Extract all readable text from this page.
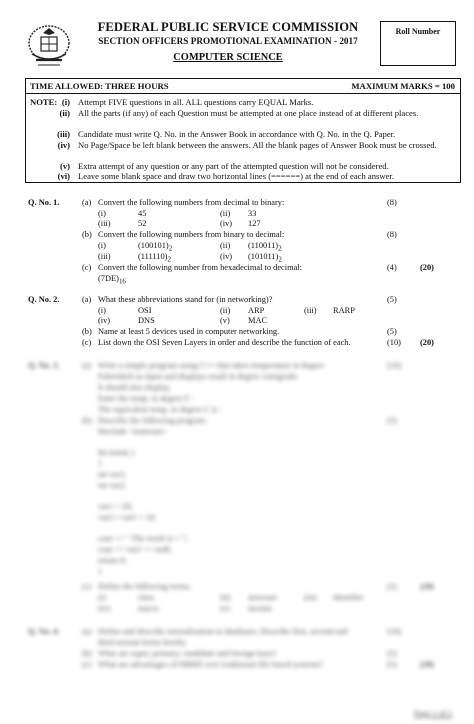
FEDERAL PUBLIC SERVICE COMMISSION
SECTION OFFICERS PROMOTIONAL EXAMINATION - 2017
COMPUTER SCIENCE
Roll Number
TIME ALLOWED: THREE HOURS	MAXIMUM MARKS = 100
NOTE: (i) Attempt FIVE questions in all. ALL questions carry EQUAL Marks.
(ii) All the parts (if any) of each Question must be attempted at one place instead of at different places.
(iii) Candidate must write Q. No. in the Answer Book in accordance with Q. No. in the Q. Paper.
(iv) No Page/Space be left blank between the answers. All the blank pages of Answer Book must be crossed.
(v) Extra attempt of any question or any part of the attempted question will not be considered.
(vi) Leave some blank space and draw two horizontal lines (======) at the end of each answer.
Q. No. 1.	(a) Convert the following numbers from decimal to binary:	(8)
(i)	45	(ii) 33
(iii)	52	(iv) 127
(b) Convert the following numbers from binary to decimal:	(8)
(i)	$(100101)_2$	(ii) $(110011)_2$
(iii)	$(111110)_2$	(iv) $(101011)_2$
(c) Convert the following number from hexadecimal to decimal:	(4)	(20)
$(7DE)_{16}$
Q. No. 2.	(a) What these abbreviations stand for (in networking)?	(5)
(i)	OSI	(ii) ARP	(iii) RARP
(iv)	DNS	(v) MAC
(b) Name at least 5 devices used in computer networking.	(5)
(c) List down the OSI Seven Layers in order and describe the function of each.	(10) (20)
Q. No. 3.	(a) Write a simple program using C++ that takes temperature in degree
Fahrenheit as input and displays result in degree centigrade.
It should also display.
Enter the temp. in degree F :
The equivalent temp. in degree C is :
(10)
(b) Describe the following program.	(5)
#include <iostream>
Int main( )
{
int var1;
int var2;
var1 = 20;
var2 = var1 + 10;
cout << " The result is = ";
cout << var2 << endl;
return 0;
}
(c) Define the following terms:	(5)	(20)
(i)	class	(ii) structure	(iii) identifier
(iv)	macro	(v) iterator
Q. No. 4.	(a) Define and describe normalization in databases. Describe first, second and
third normal forms briefly.
(10)
(b) What are super, primary, candidate and foreign keys?	(5)
(c) What are advantages of DBMS over traditional file based systems?	(5)	(20)
Page 1 of 2
